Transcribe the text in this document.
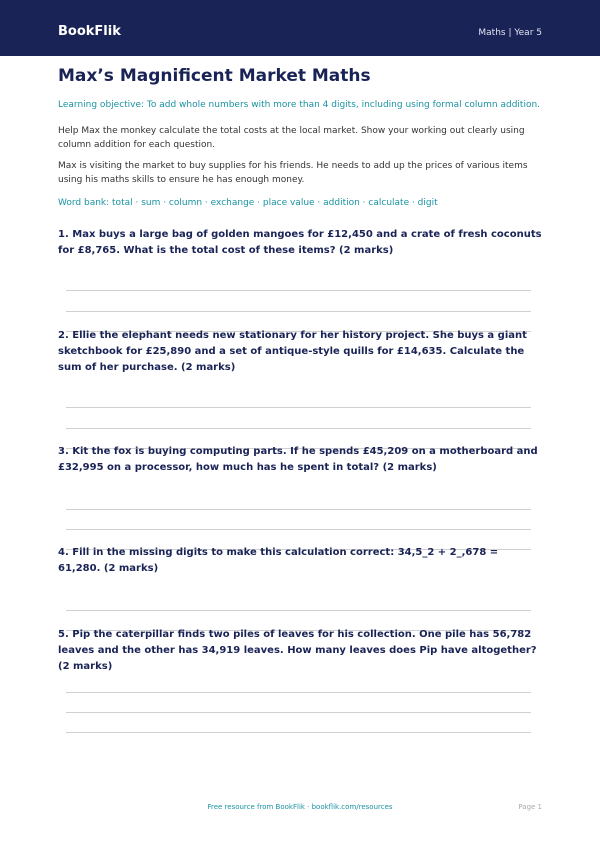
BookFlik	Maths | Year 5
Max’s Magnificent Market Maths
Learning objective: To add whole numbers with more than 4 digits, including using formal column addition.

Help Max the monkey calculate the total costs at the local market. Show your working out clearly using column addition for each question.

Max is visiting the market to buy supplies for his friends. He needs to add up the prices of various items using his maths skills to ensure he has enough money.

Word bank: total · sum · column · exchange · place value · addition · calculate · digit

1. Max buys a large bag of golden mangoes for £12,450 and a crate of fresh coconuts for £8,765. What is the total cost of these items? (2 marks)

2. Ellie the elephant needs new stationary for her history project. She buys a giant sketchbook for £25,890 and a set of antique-style quills for £14,635. Calculate the sum of her purchase. (2 marks)

3. Kit the fox is buying computing parts. If he spends £45,209 on a motherboard and £32,995 on a processor, how much has he spent in total? (2 marks)

4. Fill in the missing digits to make this calculation correct: 34,5_2 + 2_,678 = 61,280. (2 marks)

5. Pip the caterpillar finds two piles of leaves for his collection. One pile has 56,782 leaves and the other has 34,919 leaves. How many leaves does Pip have altogether? (2 marks)

Free resource from BookFlik · bookflik.com/resources	Page 1
